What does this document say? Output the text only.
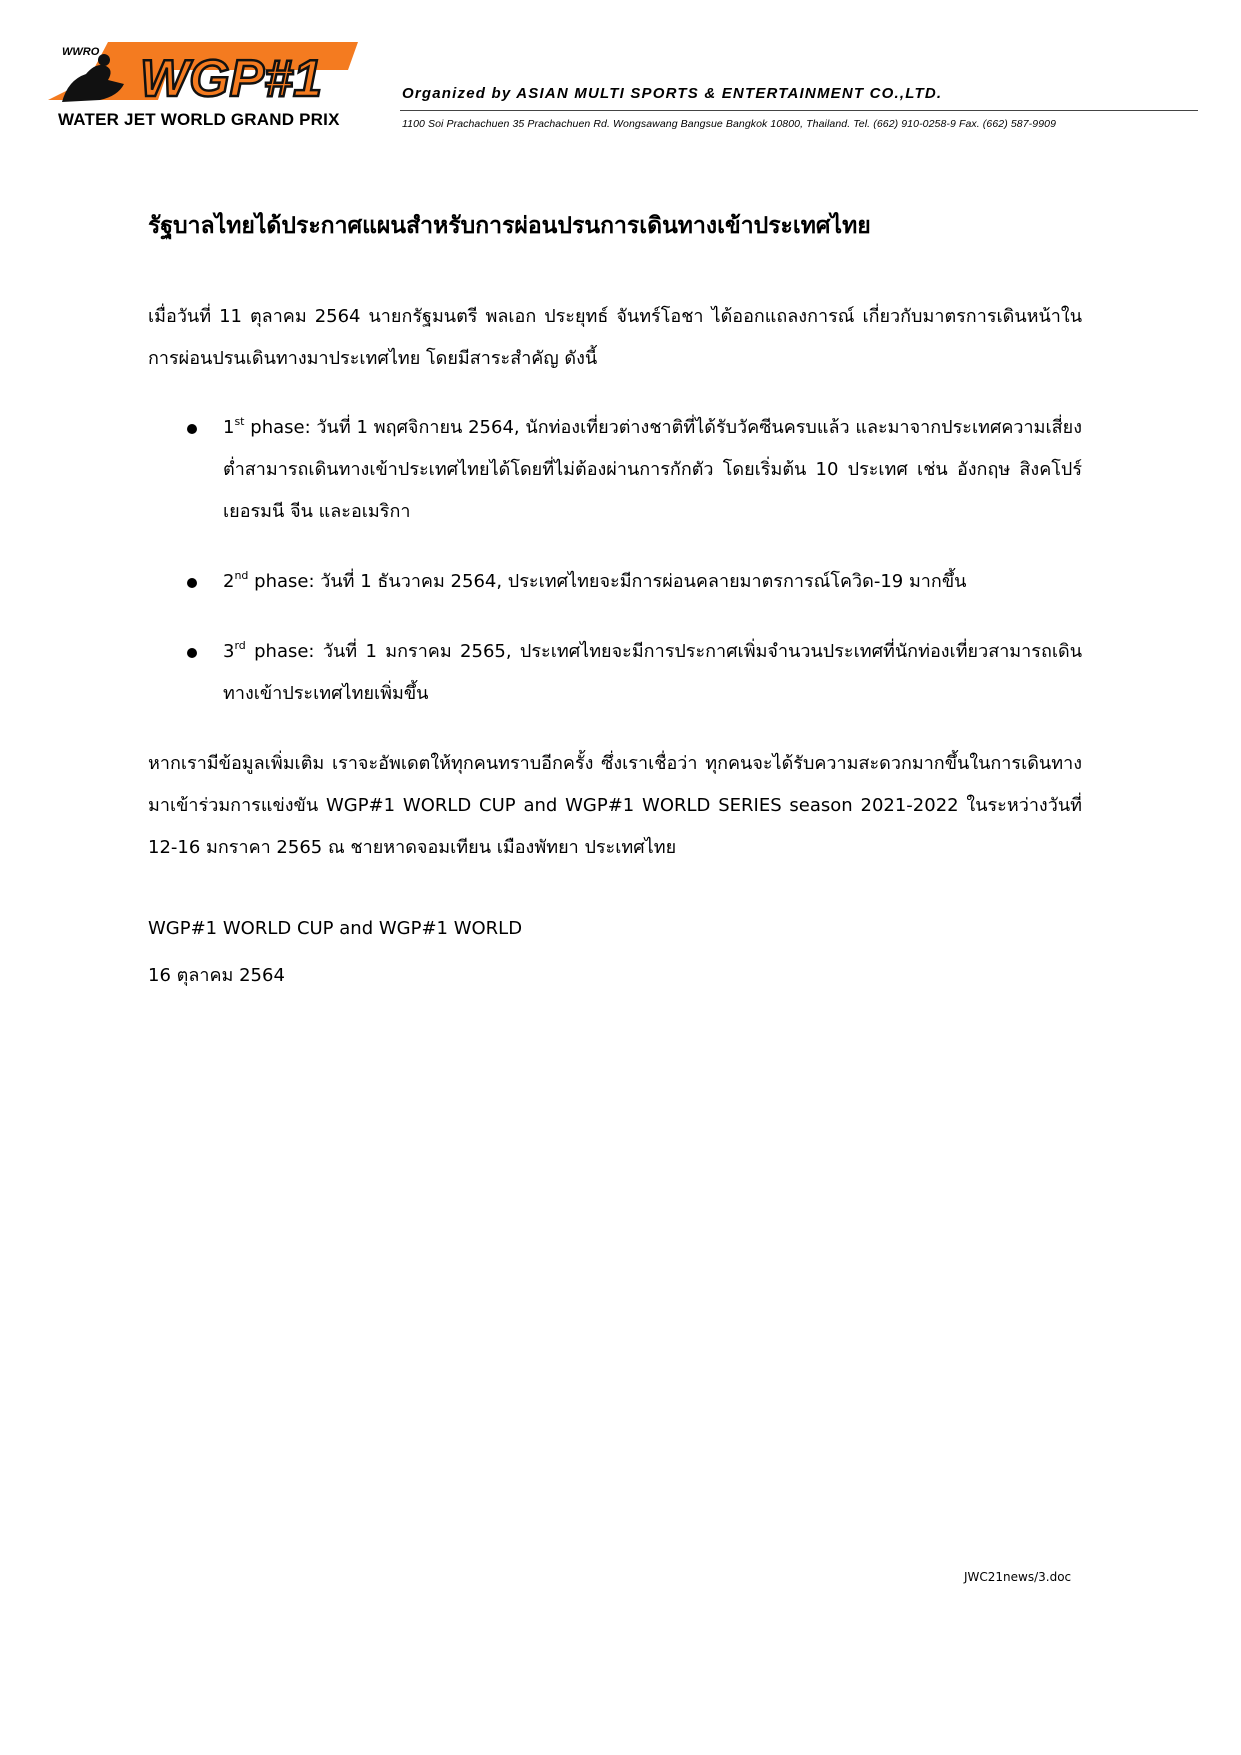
WGP#1
WWRO
WATER JET WORLD GRAND PRIX
Organized by ASIAN MULTI SPORTS & ENTERTAINMENT CO.,LTD.
1100 Soi Prachachuen 35 Prachachuen Rd. Wongsawang Bangsue Bangkok 10800, Thailand. Tel. (662) 910-0258-9 Fax. (662) 587-9909
รัฐบาลไทยได้ประกาศแผนสำหรับการผ่อนปรนการเดินทางเข้าประเทศไทย

เมื่อวันที่ 11 ตุลาคม 2564 นายกรัฐมนตรี พลเอก ประยุทธ์ จันทร์โอชา ได้ออกแถลงการณ์ เกี่ยวกับมาตรการเดินหน้าในการผ่อนปรนเดินทางมาประเทศไทย โดยมีสาระสำคัญ ดังนี้

1st phase: วันที่ 1 พฤศจิกายน 2564, นักท่องเที่ยวต่างชาติที่ได้รับวัคซีนครบแล้ว และมาจากประเทศความเสี่ยงต่ำสามารถเดินทางเข้าประเทศไทยได้โดยที่ไม่ต้องผ่านการกักตัว โดยเริ่มต้น 10 ประเทศ เช่น อังกฤษ สิงคโปร์ เยอรมนี จีน และอเมริกา
2nd phase: วันที่ 1 ธันวาคม 2564, ประเทศไทยจะมีการผ่อนคลายมาตรการณ์โควิด-19 มากขึ้น
3rd phase: วันที่ 1 มกราคม 2565, ประเทศไทยจะมีการประกาศเพิ่มจำนวนประเทศที่นักท่องเที่ยวสามารถเดินทางเข้าประเทศไทยเพิ่มขึ้น

หากเรามีข้อมูลเพิ่มเติม เราจะอัพเดตให้ทุกคนทราบอีกครั้ง ซึ่งเราเชื่อว่า ทุกคนจะได้รับความสะดวกมากขึ้นในการเดินทางมาเข้าร่วมการแข่งขัน WGP#1 WORLD CUP and WGP#1 WORLD SERIES season 2021-2022 ในระหว่างวันที่ 12-16 มกราคา 2565 ณ ชายหาดจอมเทียน เมืองพัทยา ประเทศไทย

WGP#1 WORLD CUP and WGP#1 WORLD
16 ตุลาคม 2564
JWC21news/3.doc
